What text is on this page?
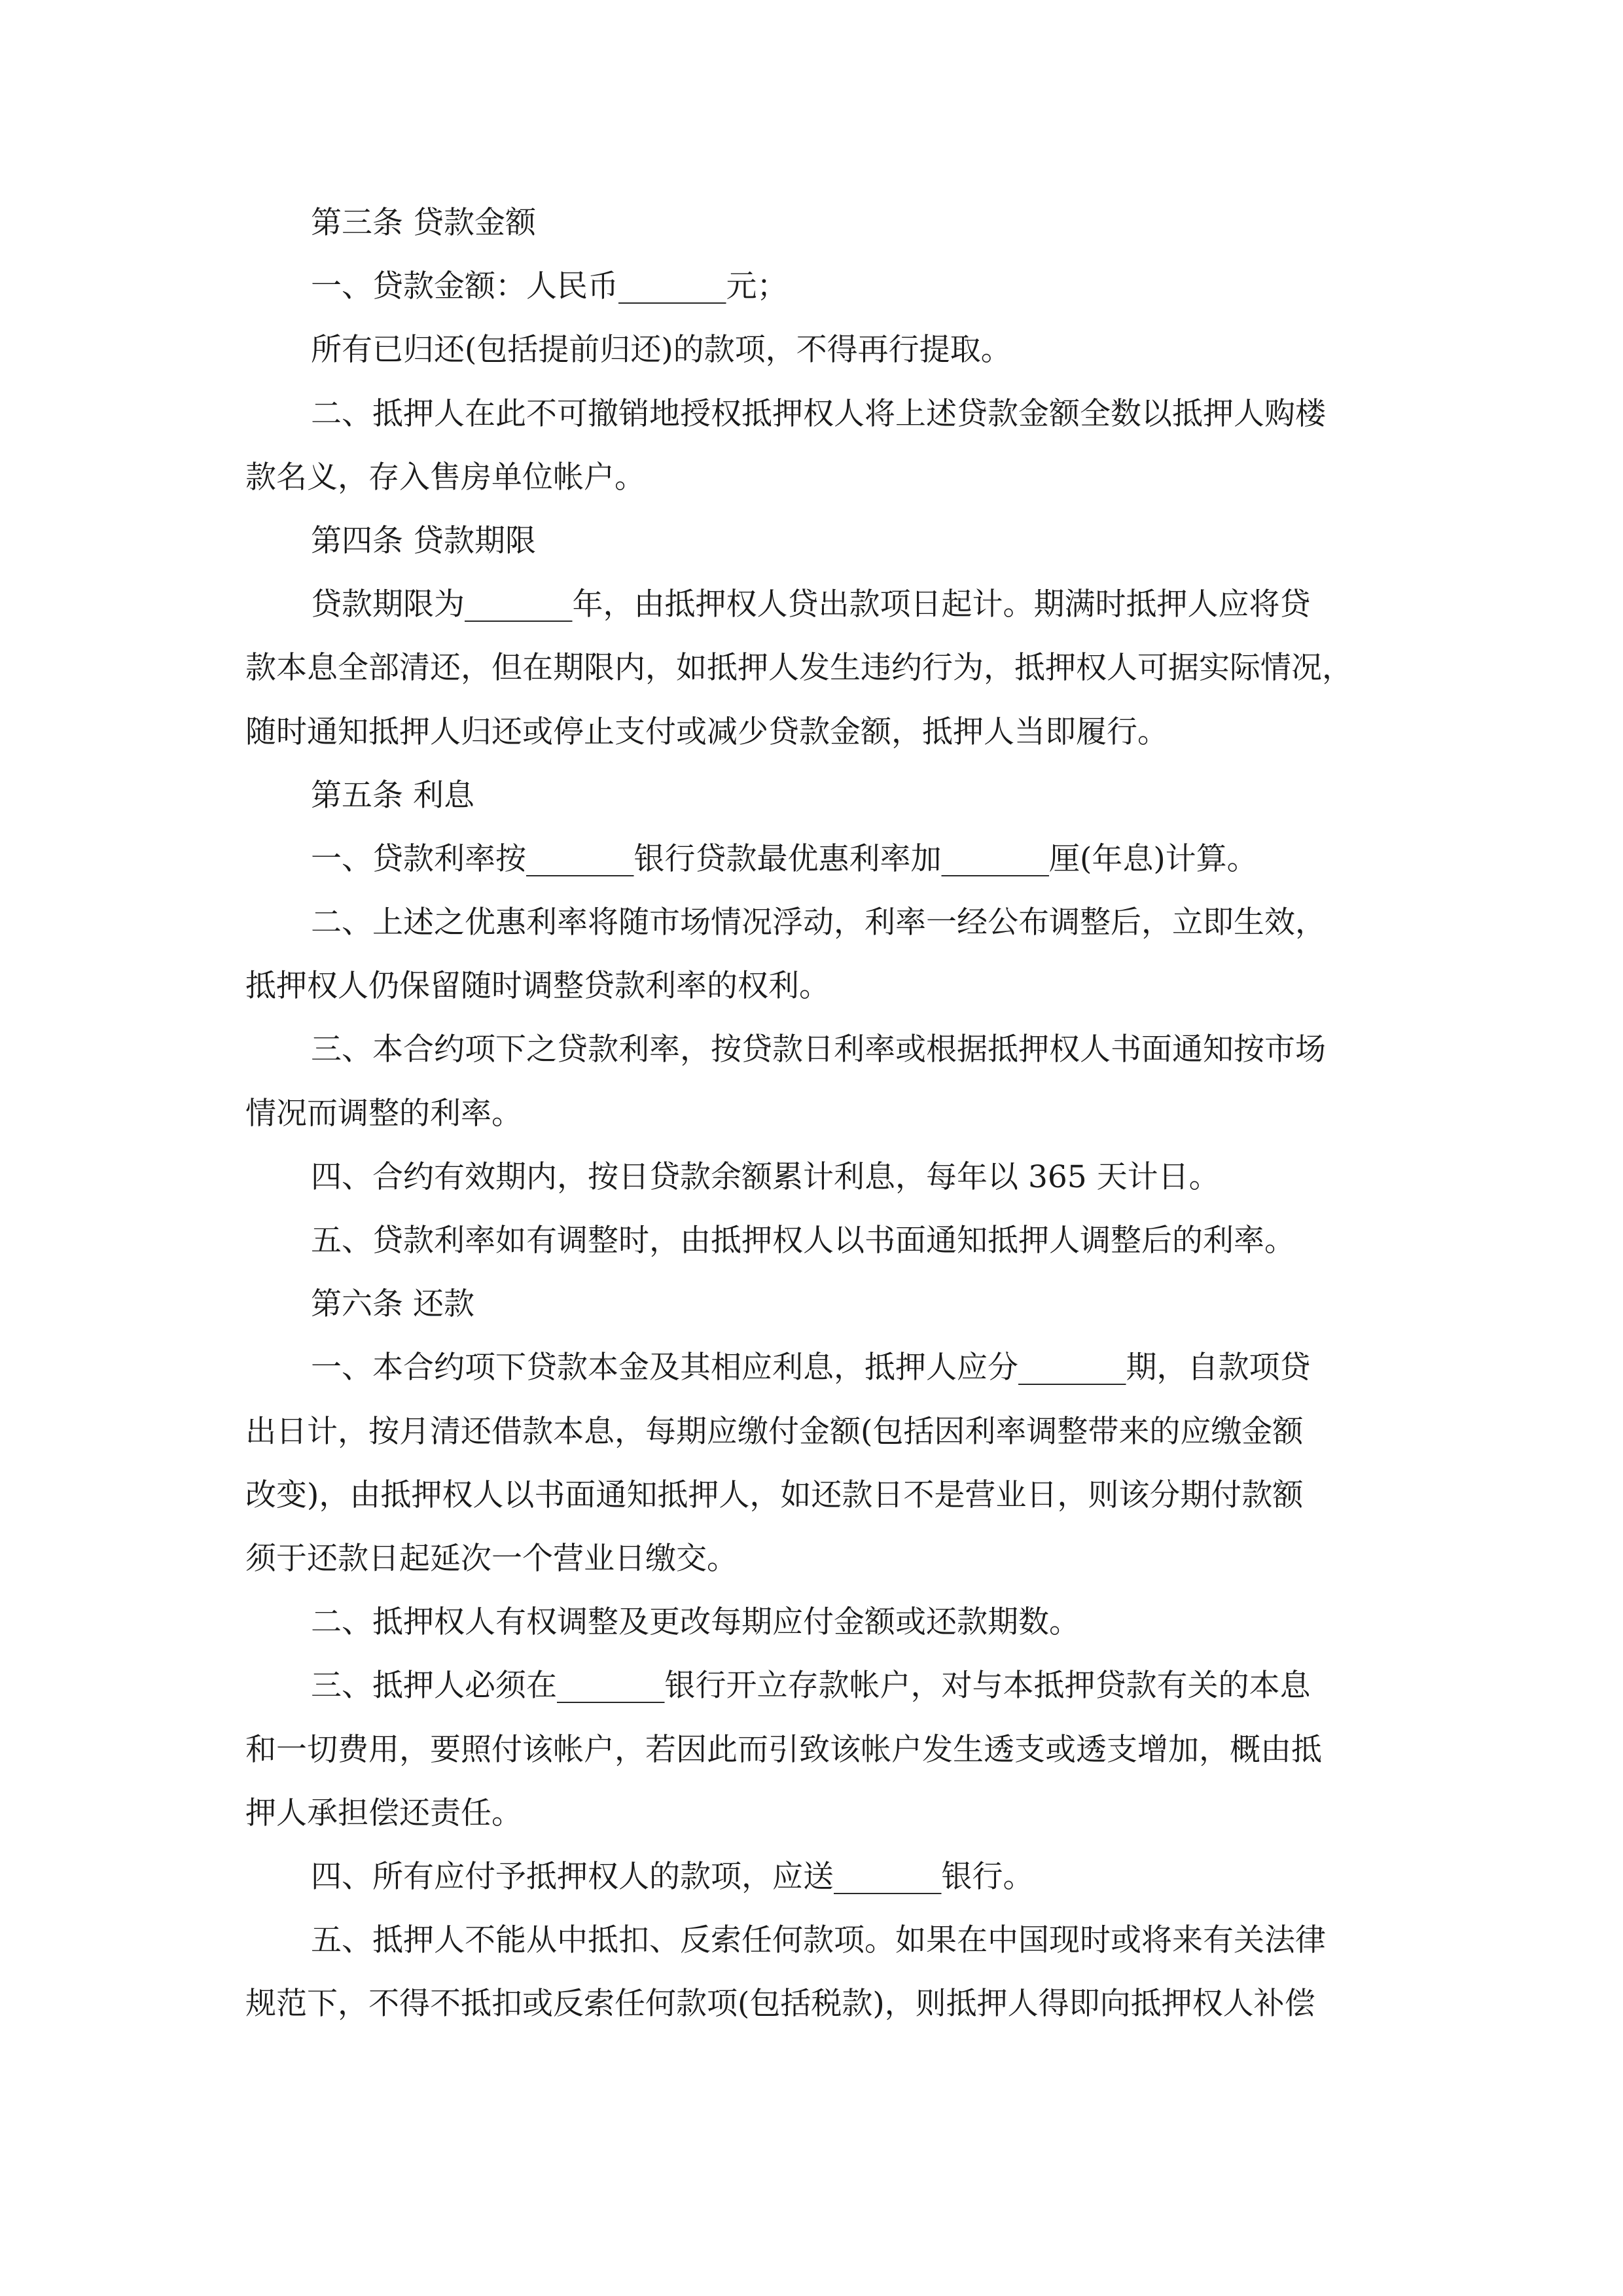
第三条 贷款金额
一、贷款金额：人民币_______元；
所有已归还(包括提前归还)的款项，不得再行提取。
二、抵押人在此不可撤销地授权抵押权人将上述贷款金额全数以抵押人购楼
款名义，存入售房单位帐户。
第四条 贷款期限
贷款期限为_______年，由抵押权人贷出款项日起计。期满时抵押人应将贷
款本息全部清还，但在期限内，如抵押人发生违约行为，抵押权人可据实际情况，
随时通知抵押人归还或停止支付或减少贷款金额，抵押人当即履行。
第五条 利息
一、贷款利率按_______银行贷款最优惠利率加_______厘(年息)计算。
二、上述之优惠利率将随市场情况浮动，利率一经公布调整后，立即生效，
抵押权人仍保留随时调整贷款利率的权利。
三、本合约项下之贷款利率，按贷款日利率或根据抵押权人书面通知按市场
情况而调整的利率。
四、合约有效期内，按日贷款余额累计利息，每年以 365 天计日。
五、贷款利率如有调整时，由抵押权人以书面通知抵押人调整后的利率。
第六条 还款
一、本合约项下贷款本金及其相应利息，抵押人应分_______期，自款项贷
出日计，按月清还借款本息，每期应缴付金额(包括因利率调整带来的应缴金额
改变)，由抵押权人以书面通知抵押人，如还款日不是营业日，则该分期付款额
须于还款日起延次一个营业日缴交。
二、抵押权人有权调整及更改每期应付金额或还款期数。
三、抵押人必须在_______银行开立存款帐户，对与本抵押贷款有关的本息
和一切费用，要照付该帐户，若因此而引致该帐户发生透支或透支增加，概由抵
押人承担偿还责任。
四、所有应付予抵押权人的款项，应送_______银行。
五、抵押人不能从中抵扣、反索任何款项。如果在中国现时或将来有关法律
规范下，不得不抵扣或反索任何款项(包括税款)，则抵押人得即向抵押权人补偿
